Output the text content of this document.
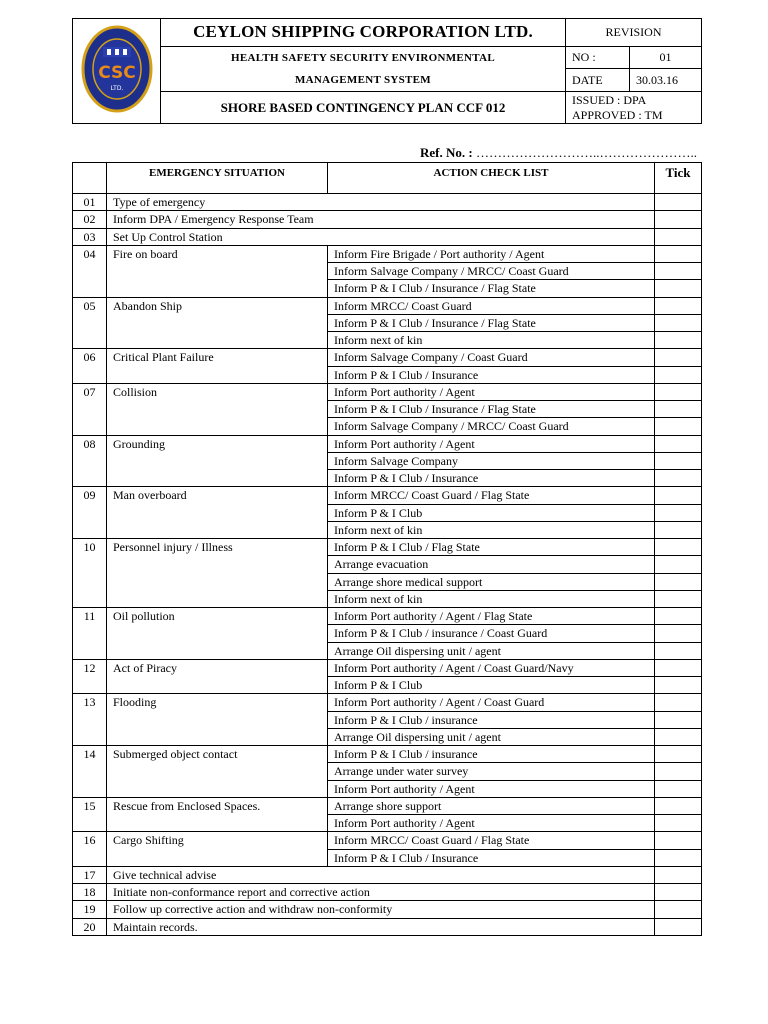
CSC
LTD.	CEYLON SHIPPING CORPORATION LTD.	REVISION	

	HEALTH SAFETY SECURITY ENVIRONMENTAL
MANAGEMENT SYSTEM	NO :	01
		DATE	30.03.16
	SHORE BASED CONTINGENCY PLAN CCF 012	ISSUED : DPA
APPROVED : TM	
Ref. No. : ………………………..…………………..
	EMERGENCY SITUATION	ACTION CHECK LIST	Tick
01	Type of emergency		
02	Inform DPA / Emergency Response Team		
03	Set Up Control Station		
04	Fire on board	Inform Fire Brigade / Port authority / Agent	
		Inform Salvage Company / MRCC/ Coast Guard	
		Inform P & I Club / Insurance / Flag State	
05	Abandon Ship	Inform MRCC/ Coast Guard	
		Inform P & I Club / Insurance / Flag State	
		Inform next of kin	
06	Critical Plant Failure	Inform Salvage Company / Coast Guard	
		Inform P & I Club / Insurance	
07	Collision	Inform Port authority / Agent	
		Inform P & I Club / Insurance / Flag State	
		Inform Salvage Company / MRCC/ Coast Guard	
08	Grounding	Inform Port authority / Agent	
		Inform Salvage Company	
		Inform P & I Club / Insurance	
09	Man overboard	Inform MRCC/ Coast Guard / Flag State	
		Inform P & I Club	
		Inform next of kin	
10	Personnel injury / Illness	Inform P & I Club / Flag State	
		Arrange evacuation	
		Arrange shore medical support	
		Inform next of kin	
11	Oil pollution	Inform Port authority / Agent / Flag State	
		Inform P & I Club / insurance / Coast Guard	
		Arrange Oil dispersing unit / agent	
12	Act of Piracy	Inform Port authority / Agent / Coast Guard/Navy	
		Inform P & I Club	
13	Flooding	Inform Port authority / Agent / Coast Guard	
		Inform P & I Club / insurance	
		Arrange Oil dispersing unit / agent	
14	Submerged object contact	Inform P & I Club / insurance	
		Arrange under water survey	
		Inform Port authority / Agent	
15	Rescue from Enclosed Spaces.	Arrange shore support	
		Inform Port authority / Agent	
16	Cargo Shifting	Inform MRCC/ Coast Guard / Flag State	
		Inform P & I Club / Insurance	
17	Give technical advise		
18	Initiate non-conformance report and corrective action		
19	Follow up corrective action and withdraw non-conformity		
20	Maintain records.		
